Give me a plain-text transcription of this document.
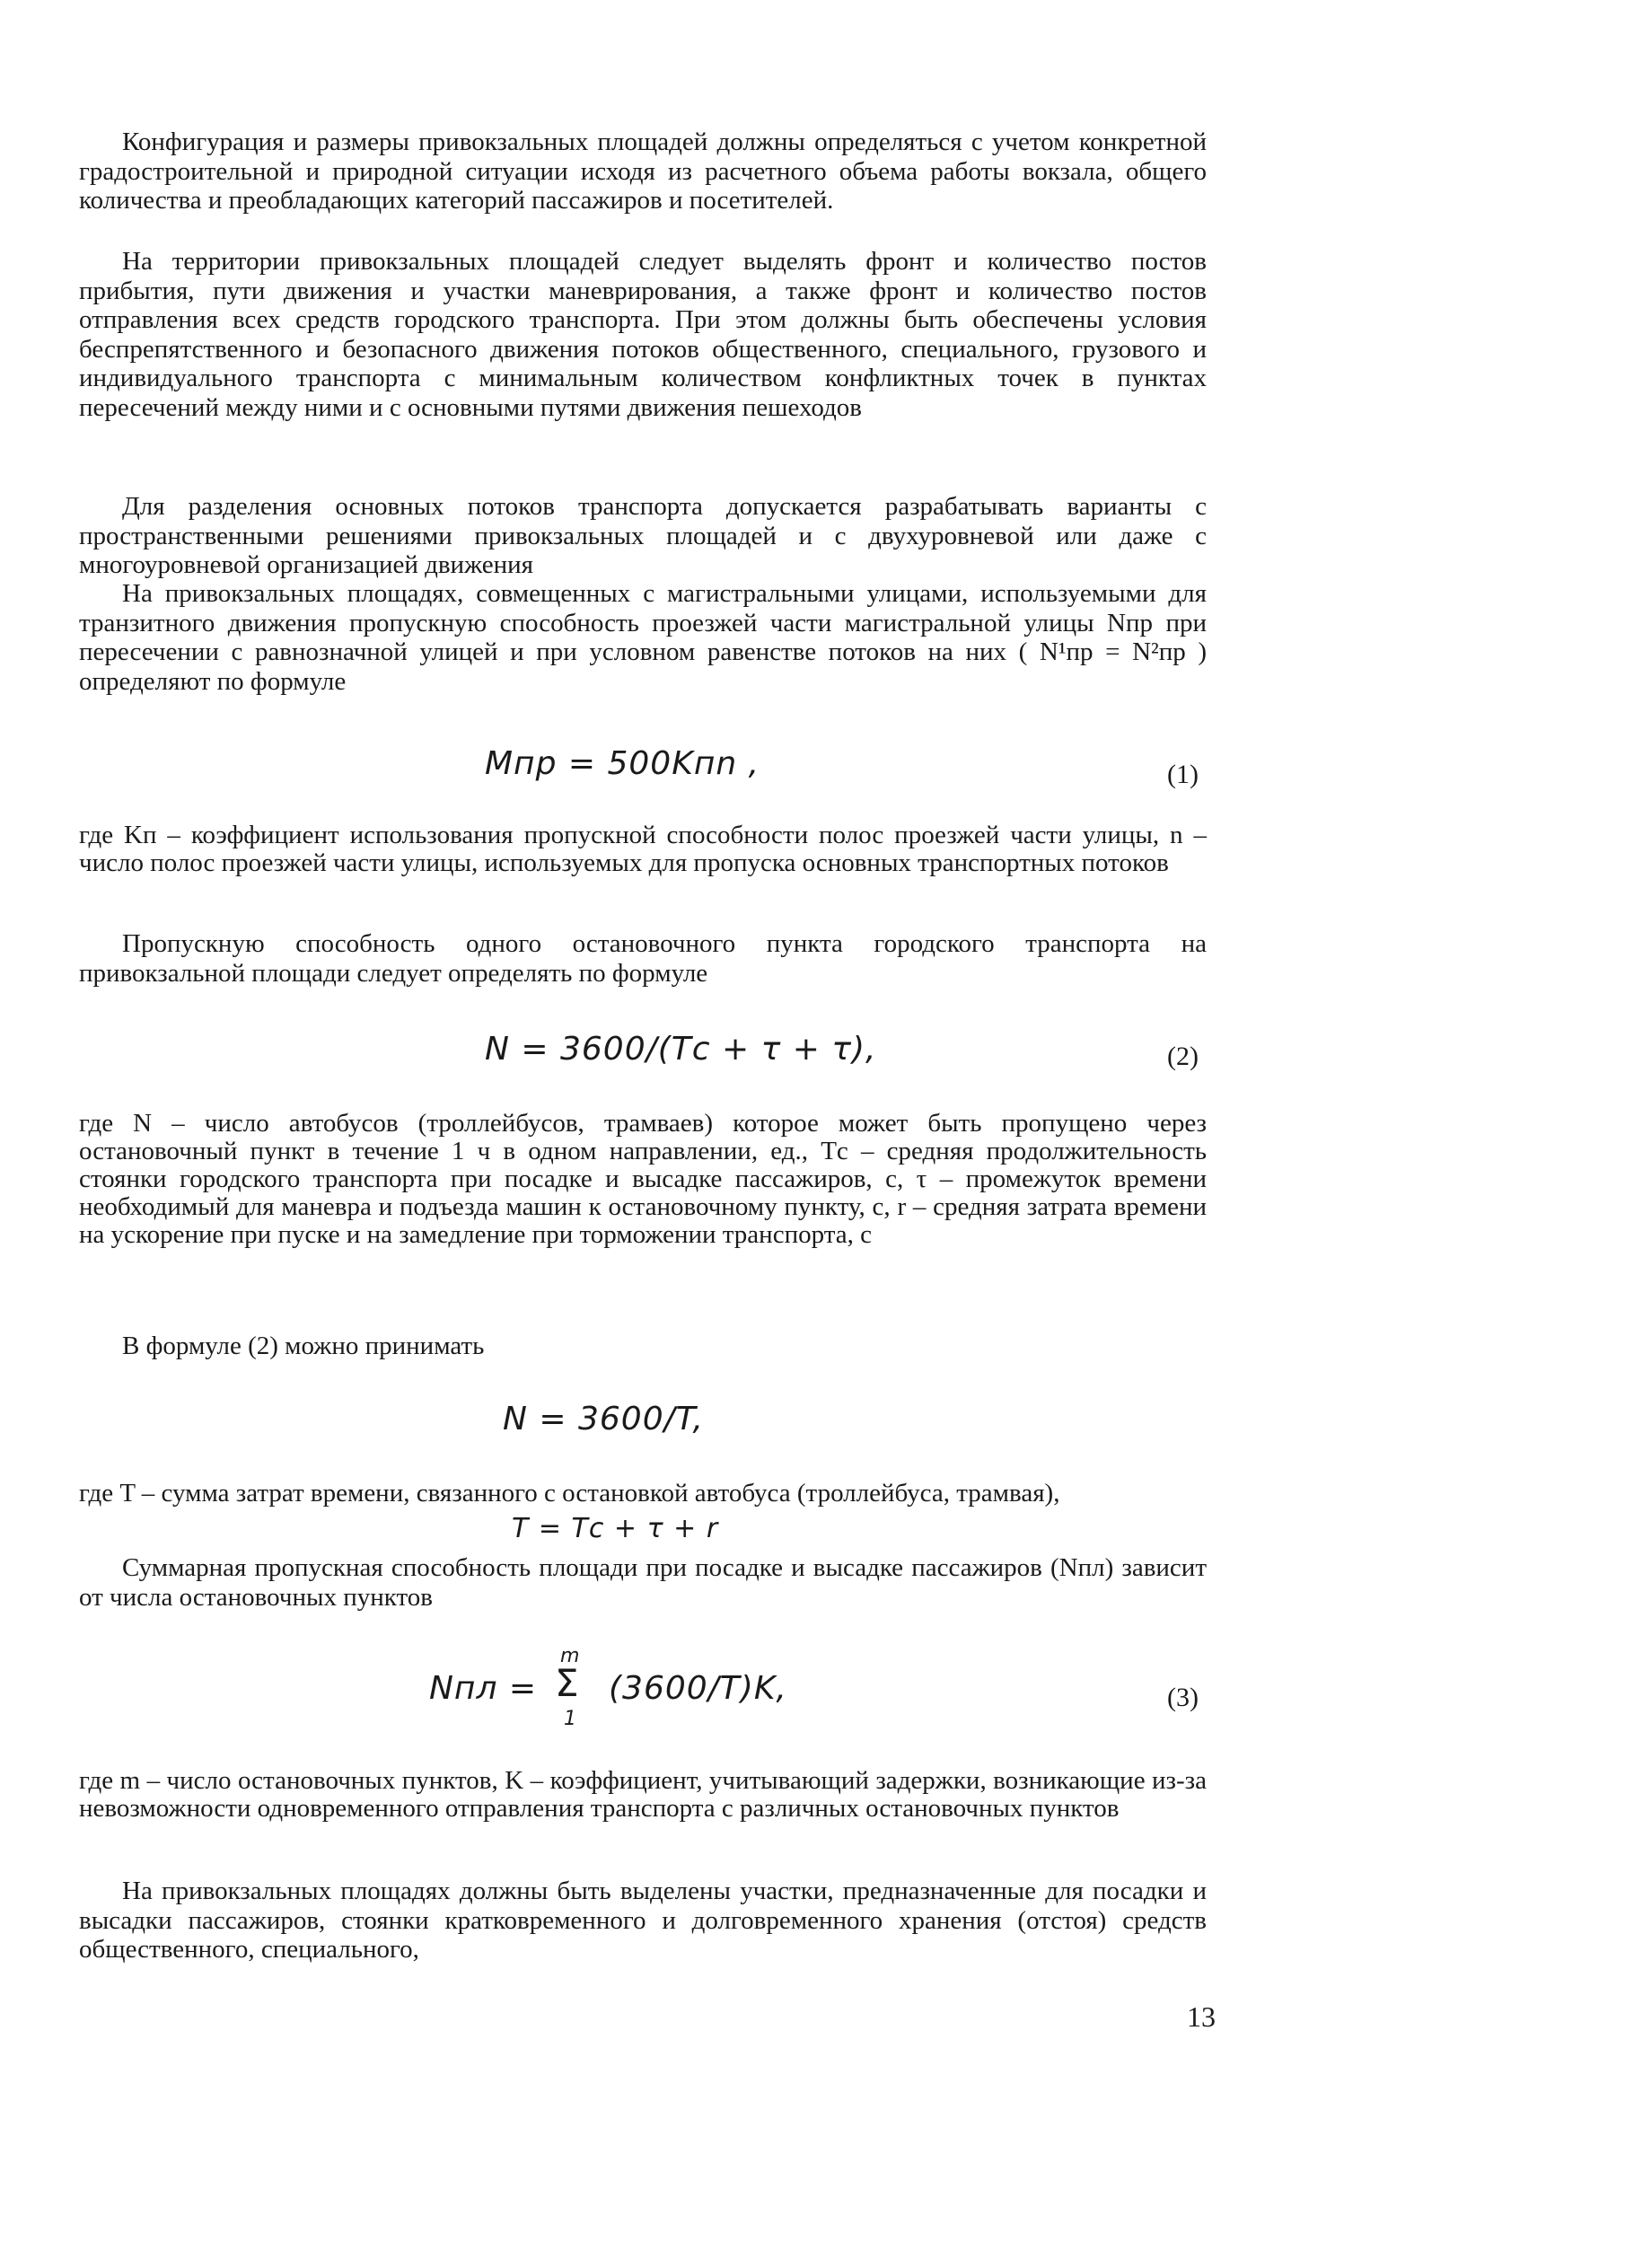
Конфигурация и размеры привокзальных площадей должны определяться с учетом конкретной градостроительной и природной ситуации исходя из расчетного объема работы вокзала, общего количества и преобладающих категорий пассажиров и посетителей.

На территории привокзальных площадей следует выделять фронт и количество постов прибытия, пути движения и участки маневрирования, а также фронт и количество постов отправления всех средств городского транспорта. При этом должны быть обеспечены условия беспрепятственного и безопасного движения потоков общественного, специального, грузового и индивидуального транспорта с минимальным количеством конфликтных точек в пунктах пересечений между ними и с основными путями движения пешеходов

Для разделения основных потоков транспорта допускается разрабатывать варианты с пространственными решениями привокзальных площадей и с двухуровневой или даже с многоуровневой организацией движения

На привокзальных площадях, совмещенных с магистральными улицами, используемыми для транзитного движения пропускную способность проезжей части магистральной улицы Nпр при пересечении с равнозначной улицей и при условном равенстве потоков на них ( N¹пр = N²пр ) определяют по формуле

Mпр = 500Kпn ,	(1)

где Kп – коэффициент использования пропускной способности полос проезжей части улицы, n – число полос проезжей части улицы, используемых для пропуска основных транспортных потоков

Пропускную способность одного остановочного пункта городского транспорта на привокзальной площади следует определять по формуле

N = 3600/(Tс + τ + τ),	(2)

где N – число автобусов (троллейбусов, трамваев) которое может быть пропущено через остановочный пункт в течение 1 ч в одном направлении, ед., Tс – средняя продолжительность стоянки городского транспорта при посадке и высадке пассажиров, с, τ – промежуток времени необходимый для маневра и подъезда машин к остановочному пункту, с, r – средняя затрата времени на ускорение при пуске и на замедление при торможении транспорта, с

В формуле (2) можно принимать

N = 3600/T,

где T – сумма затрат времени, связанного с остановкой автобуса (троллейбуса, трамвая),

T = Tс + τ + r

Суммарная пропускная способность площади при посадке и высадке пассажиров (Nпл) зависит от числа остановочных пунктов

Nпл =
m
Σ
1
(3600/T)K,	(3)

где m – число остановочных пунктов, K – коэффициент, учитывающий задержки, возникающие из-за невозможности одновременного отправления транспорта с различных остановочных пунктов

На привокзальных площадях должны быть выделены участки, предназначенные для посадки и высадки пассажиров, стоянки кратковременного и долговременного хранения (отстоя) средств общественного, специального,

13
